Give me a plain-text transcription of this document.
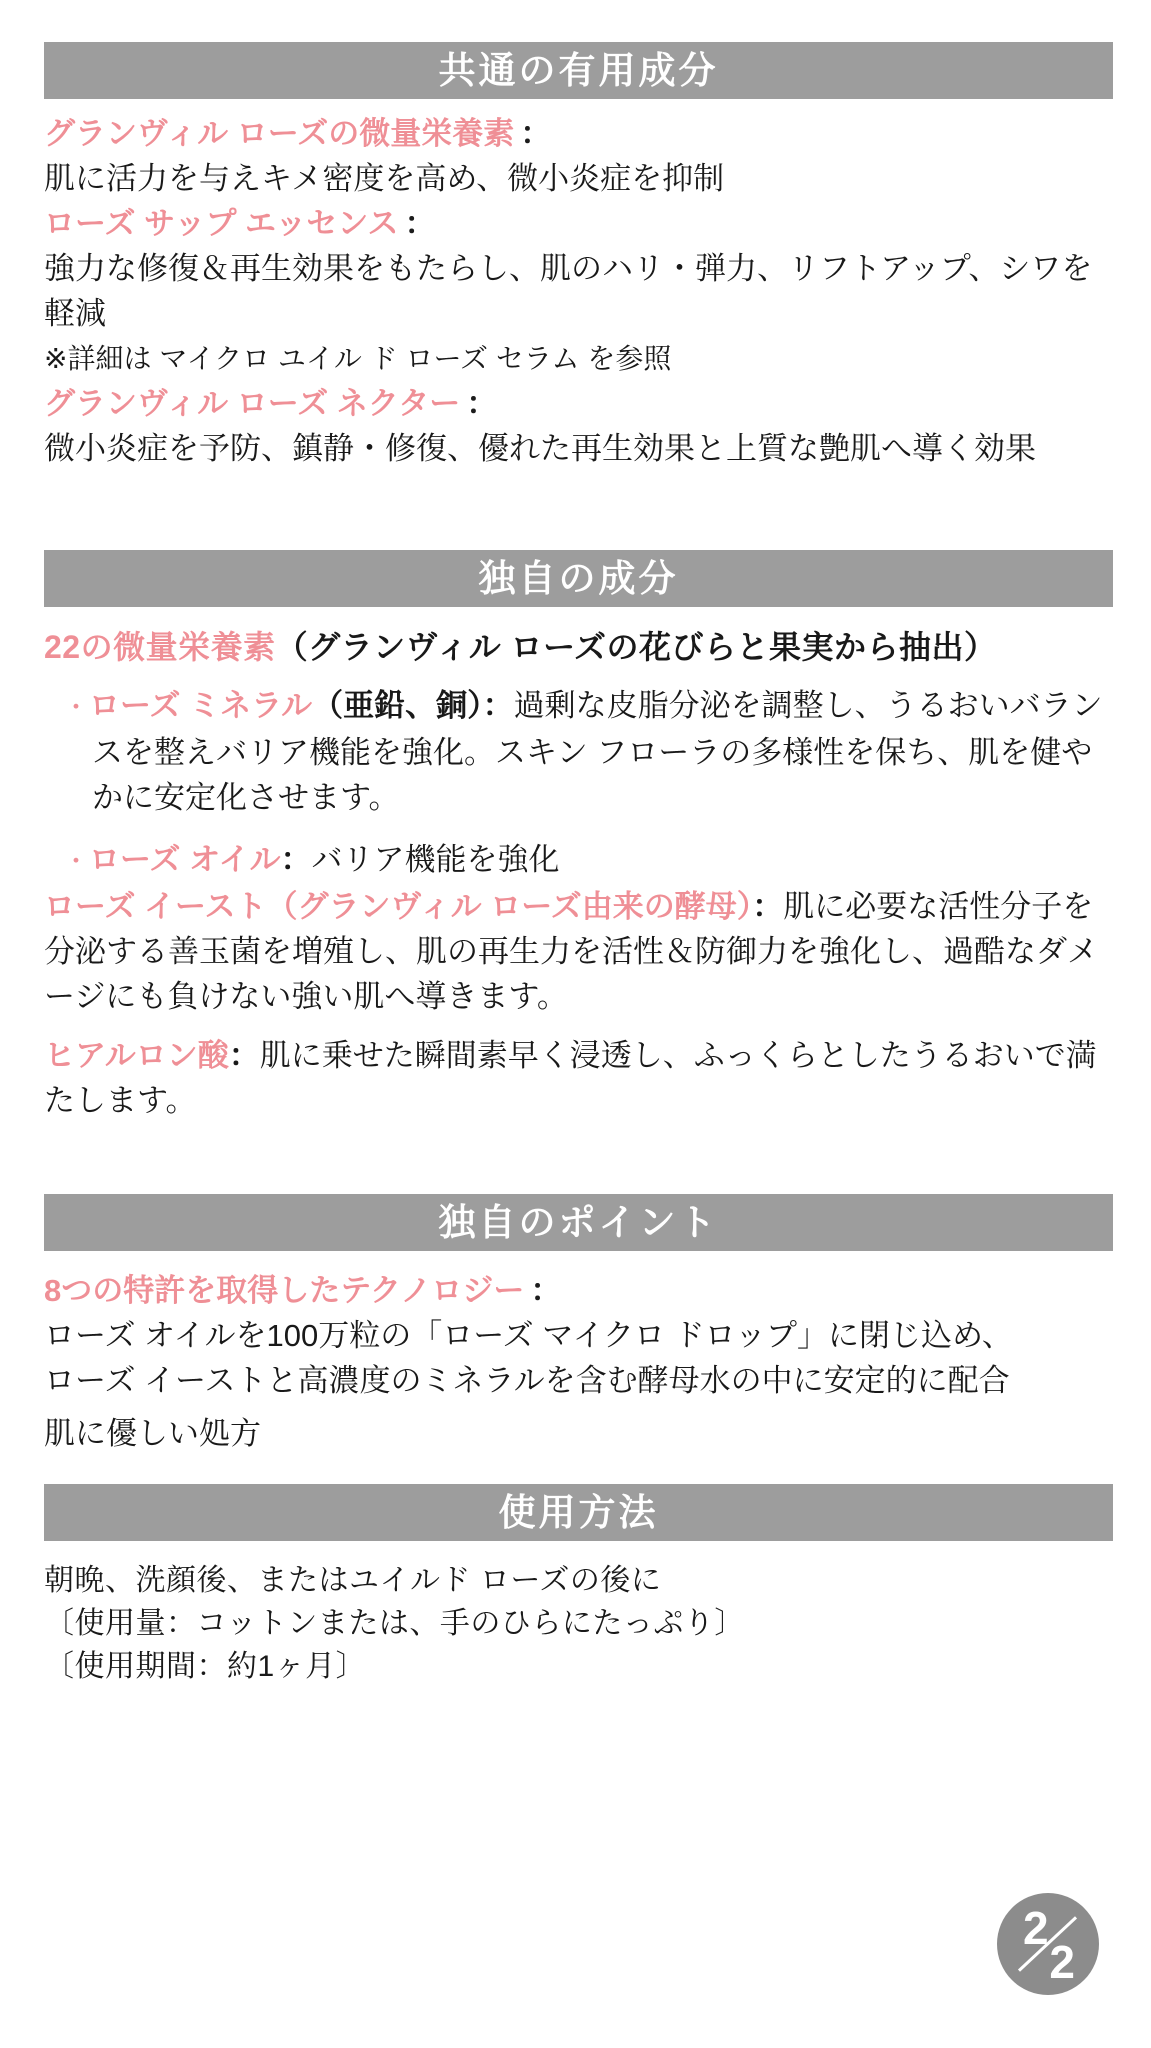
共通の有用成分
グランヴィル ローズの微量栄養素 ：
肌に活力を与えキメ密度を高め、微小炎症を抑制
ローズ サップ エッセンス ：
強力な修復＆再生効果をもたらし、肌のハリ・弾力、リフトアップ、シワを軽減
※詳細は マイクロ ユイル ド ローズ セラム を参照
グランヴィル ローズ ネクター ：
微小炎症を予防、鎮静・修復、優れた再生効果と上質な艶肌へ導く効果
独自の成分
22の微量栄養素（グランヴィル ローズの花びらと果実から抽出）
・ローズ ミネラル（亜鉛、銅）：過剰な皮脂分泌を調整し、うるおいバランスを整えバリア機能を強化。スキン フローラの多様性を保ち、肌を健やかに安定化させます。
・ローズ オイル：バリア機能を強化
ローズ イースト（グランヴィル ローズ由来の酵母）：肌に必要な活性分子を分泌する善玉菌を増殖し、肌の再生力を活性＆防御力を強化し、過酷なダメージにも負けない強い肌へ導きます。
ヒアルロン酸：肌に乗せた瞬間素早く浸透し、ふっくらとしたうるおいで満たします。
独自のポイント
8つの特許を取得したテクノロジー ：
ローズ オイルを100万粒の「ローズ マイクロ ドロップ」に閉じ込め、
ローズ イーストと高濃度のミネラルを含む酵母水の中に安定的に配合
肌に優しい処方
使用方法
朝晩、洗顔後、またはユイルド ローズの後に
〔使用量：コットンまたは、手のひらにたっぷり〕
〔使用期間：約1ヶ月〕
2
2
